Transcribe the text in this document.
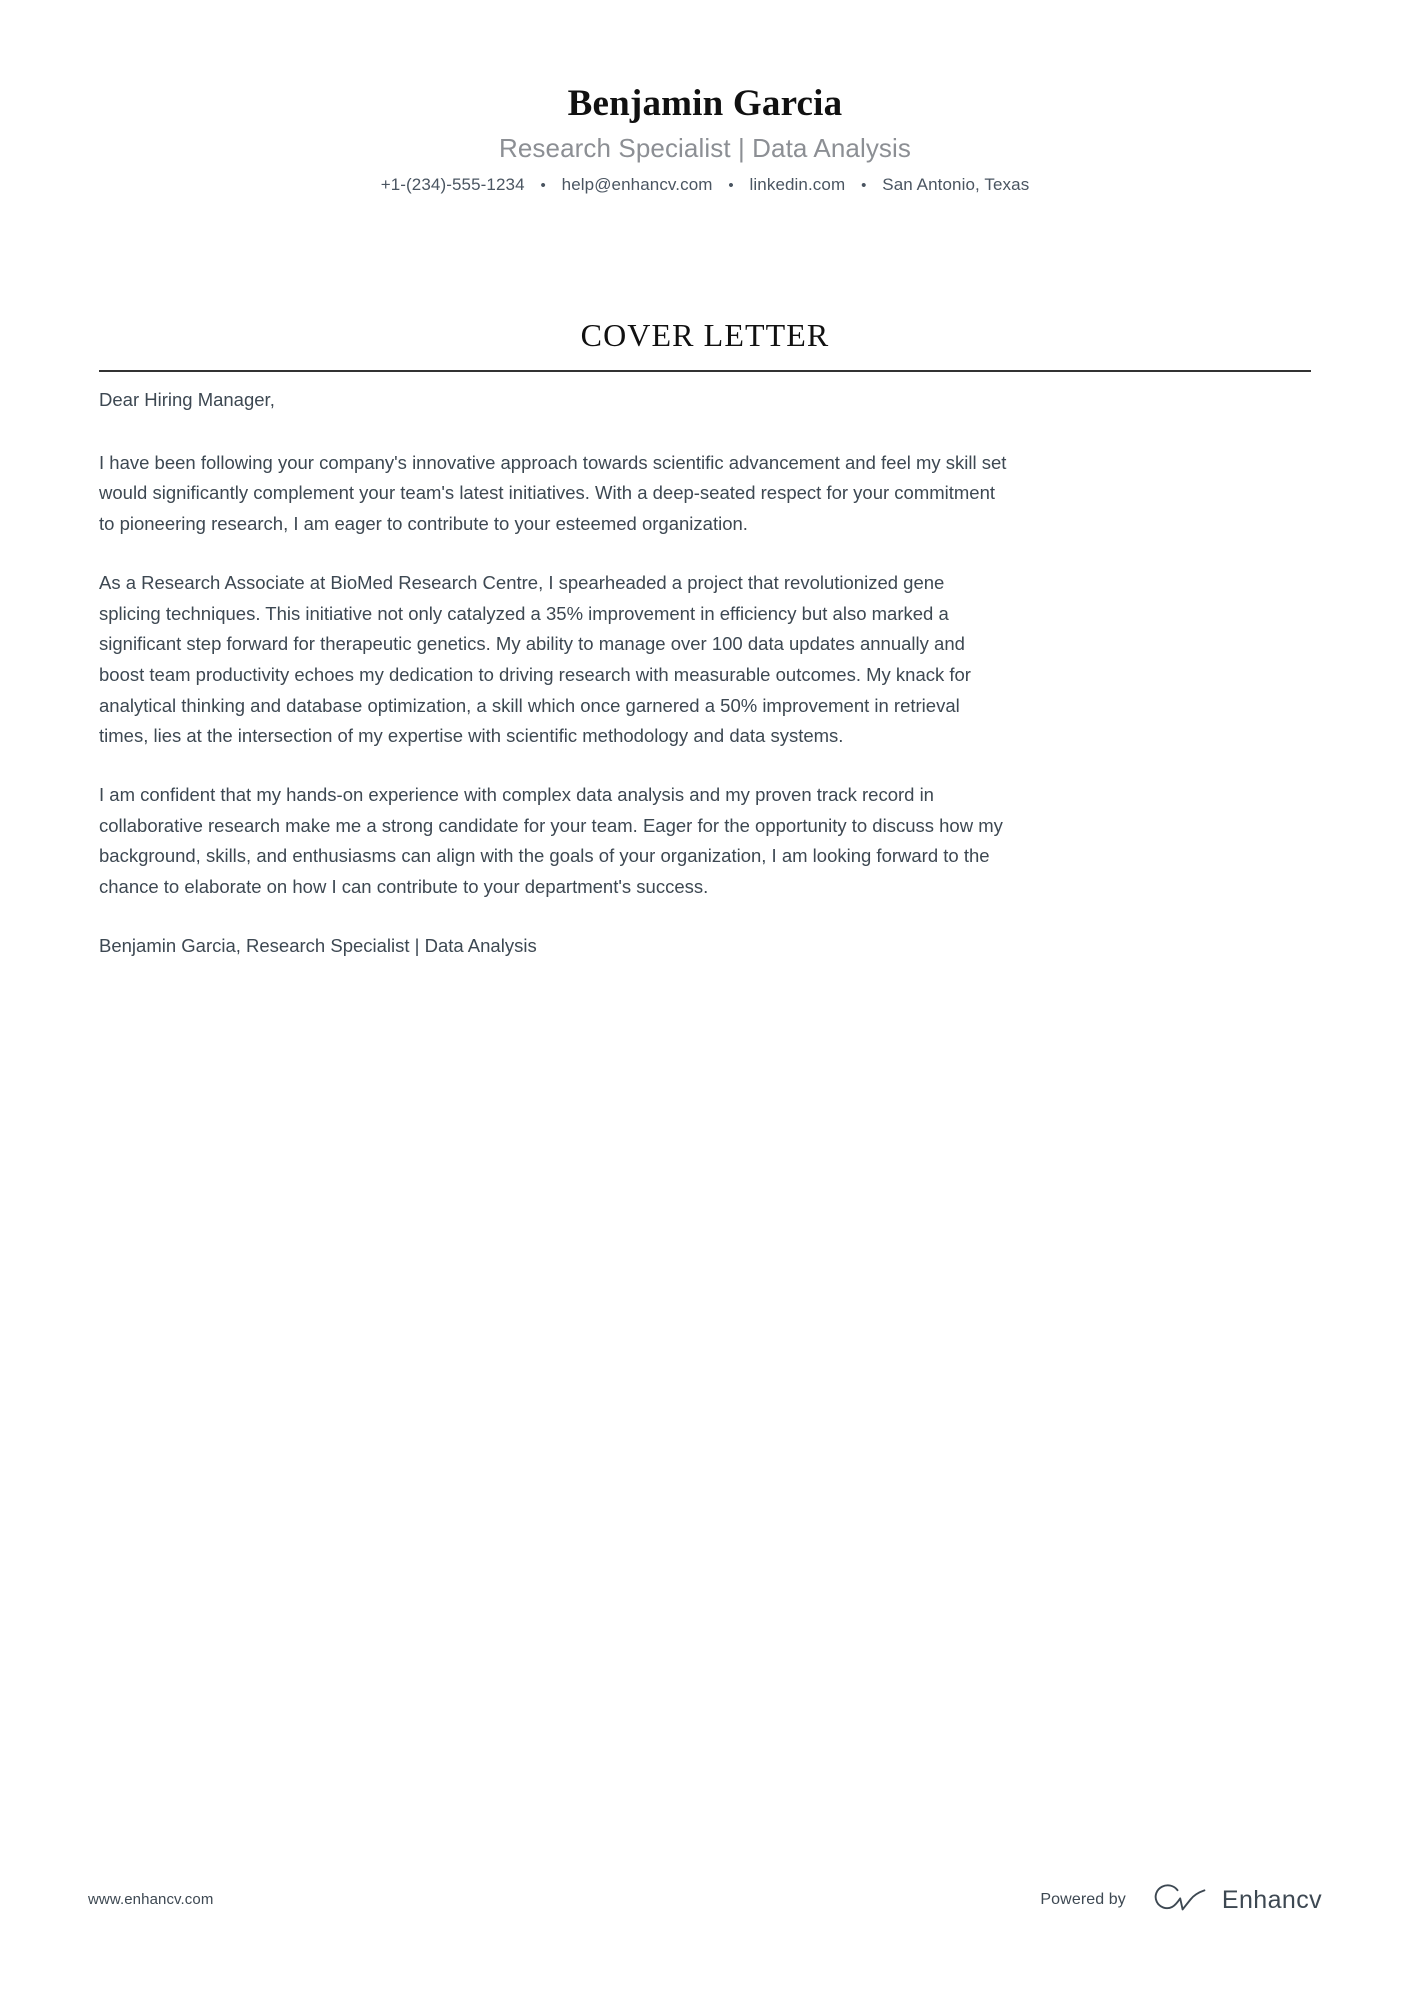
Benjamin Garcia
Research Specialist | Data Analysis
+1-(234)-555-1234 • help@enhancv.com • linkedin.com • San Antonio, Texas
COVER LETTER

Dear Hiring Manager,

I have been following your company's innovative approach towards scientific advancement and feel my skill set would significantly complement your team's latest initiatives. With a deep-seated respect for your commitment to pioneering research, I am eager to contribute to your esteemed organization.

As a Research Associate at BioMed Research Centre, I spearheaded a project that revolutionized gene splicing techniques. This initiative not only catalyzed a 35% improvement in efficiency but also marked a significant step forward for therapeutic genetics. My ability to manage over 100 data updates annually and boost team productivity echoes my dedication to driving research with measurable outcomes. My knack for analytical thinking and database optimization, a skill which once garnered a 50% improvement in retrieval times, lies at the intersection of my expertise with scientific methodology and data systems.

I am confident that my hands-on experience with complex data analysis and my proven track record in collaborative research make me a strong candidate for your team. Eager for the opportunity to discuss how my background, skills, and enthusiasms can align with the goals of your organization, I am looking forward to the chance to elaborate on how I can contribute to your department's success.

Benjamin Garcia, Research Specialist | Data Analysis

www.enhancv.com	Powered by	Enhancv
